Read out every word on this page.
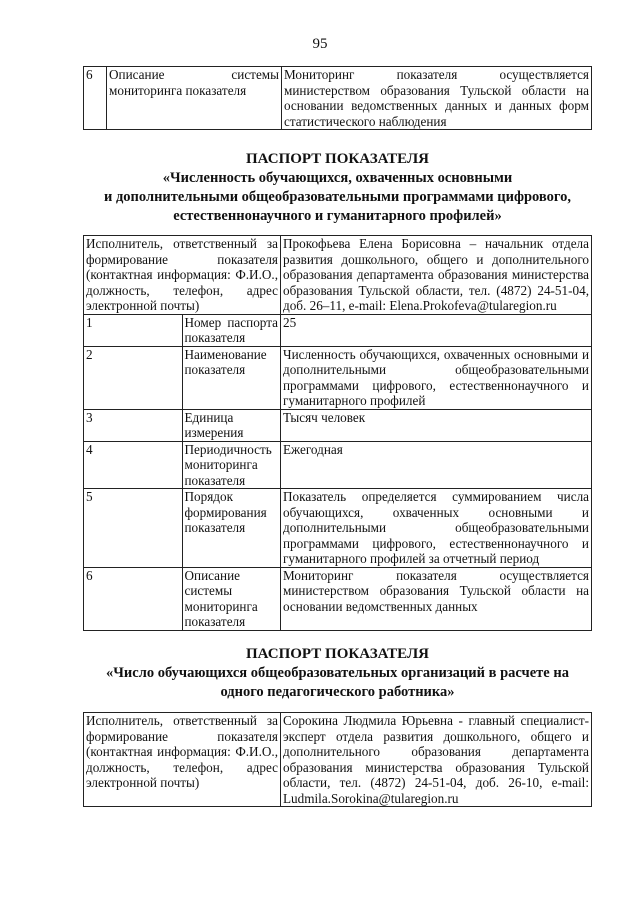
95
6	Описание системы мониторинга показателя	Мониторинг показателя осуществляется министерством образования Тульской области на основании ведомственных данных и данных форм статистического наблюдения
ПАСПОРТ ПОКАЗАТЕЛЯ
«Численность обучающихся, охваченных основными
и дополнительными общеобразовательными программами цифрового,
естественнонаучного и гуманитарного профилей»
Исполнитель, ответственный за формирование показателя (контактная информация: Ф.И.О., должность, телефон, адрес электронной почты)		Прокофьева Елена Борисовна – начальник отдела развития дошкольного, общего и дополнительного образования департамента образования министерства образования Тульской области, тел. (4872) 24-51-04, доб. 26–11, e-mail: Elena.Prokofeva@tularegion.ru
1	Номер паспорта показателя	25
2	Наименование показателя	Численность обучающихся, охваченных основными и дополнительными общеобразовательными программами цифрового, естественнонаучного и гуманитарного профилей
3	Единица измерения	Тысяч человек
4	Периодичность мониторинга показателя	Ежегодная
5	Порядок формирования показателя	Показатель определяется суммированием числа обучающихся, охваченных основными и дополнительными общеобразовательными программами цифрового, естественнонаучного и гуманитарного профилей за отчетный период
6	Описание системы мониторинга показателя	Мониторинг показателя осуществляется министерством образования Тульской области на основании ведомственных данных
ПАСПОРТ ПОКАЗАТЕЛЯ
«Число обучающихся общеобразовательных организаций в расчете на
одного педагогического работника»
Исполнитель, ответственный за формирование показателя (контактная информация: Ф.И.О., должность, телефон, адрес электронной почты)	Сорокина Людмила Юрьевна - главный специалист-эксперт отдела развития дошкольного, общего и дополнительного образования департамента образования министерства образования Тульской области, тел. (4872) 24-51-04, доб. 26-10, e-mail: Ludmila.Sorokina@tularegion.ru
